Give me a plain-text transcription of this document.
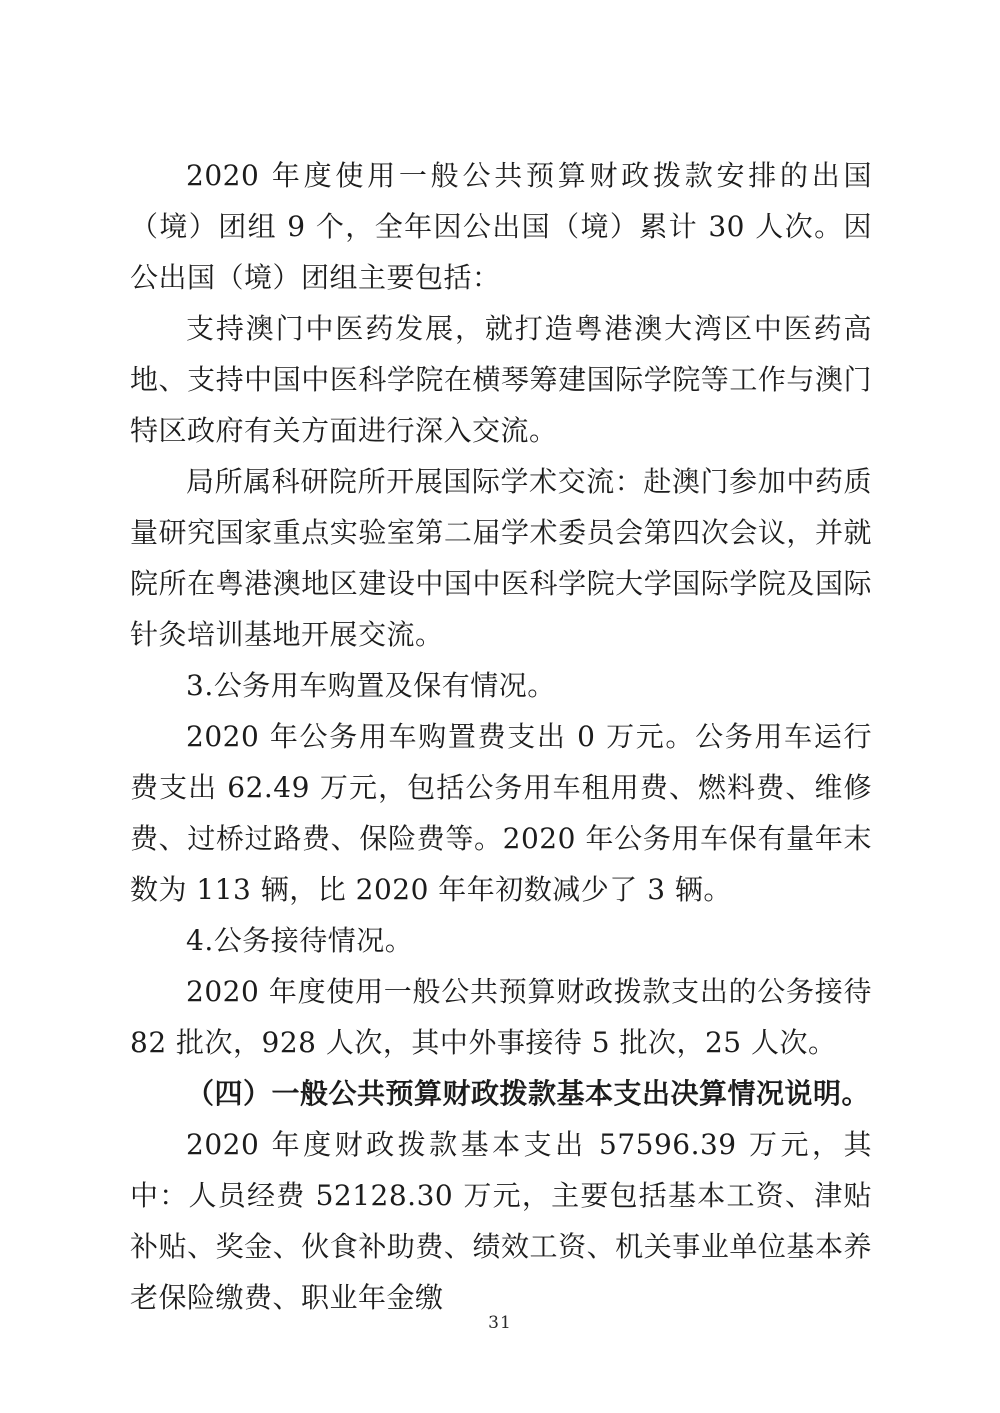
2020 年度使用一般公共预算财政拨款安排的出国（境）团组 9 个，全年因公出国（境）累计 30 人次。因公出国（境）团组主要包括：

支持澳门中医药发展，就打造粤港澳大湾区中医药高地、支持中国中医科学院在横琴筹建国际学院等工作与澳门特区政府有关方面进行深入交流。

局所属科研院所开展国际学术交流：赴澳门参加中药质量研究国家重点实验室第二届学术委员会第四次会议，并就院所在粤港澳地区建设中国中医科学院大学国际学院及国际针灸培训基地开展交流。

3.公务用车购置及保有情况。

2020 年公务用车购置费支出 0 万元。公务用车运行费支出 62.49 万元，包括公务用车租用费、燃料费、维修费、过桥过路费、保险费等。2020 年公务用车保有量年末数为 113 辆，比 2020 年年初数减少了 3 辆。

4.公务接待情况。

2020 年度使用一般公共预算财政拨款支出的公务接待 82 批次，928 人次，其中外事接待 5 批次，25 人次。

（四）一般公共预算财政拨款基本支出决算情况说明。

2020 年度财政拨款基本支出 57596.39 万元，其中：人员经费 52128.30 万元，主要包括基本工资、津贴补贴、奖金、伙食补助费、绩效工资、机关事业单位基本养老保险缴费、职业年金缴

31
